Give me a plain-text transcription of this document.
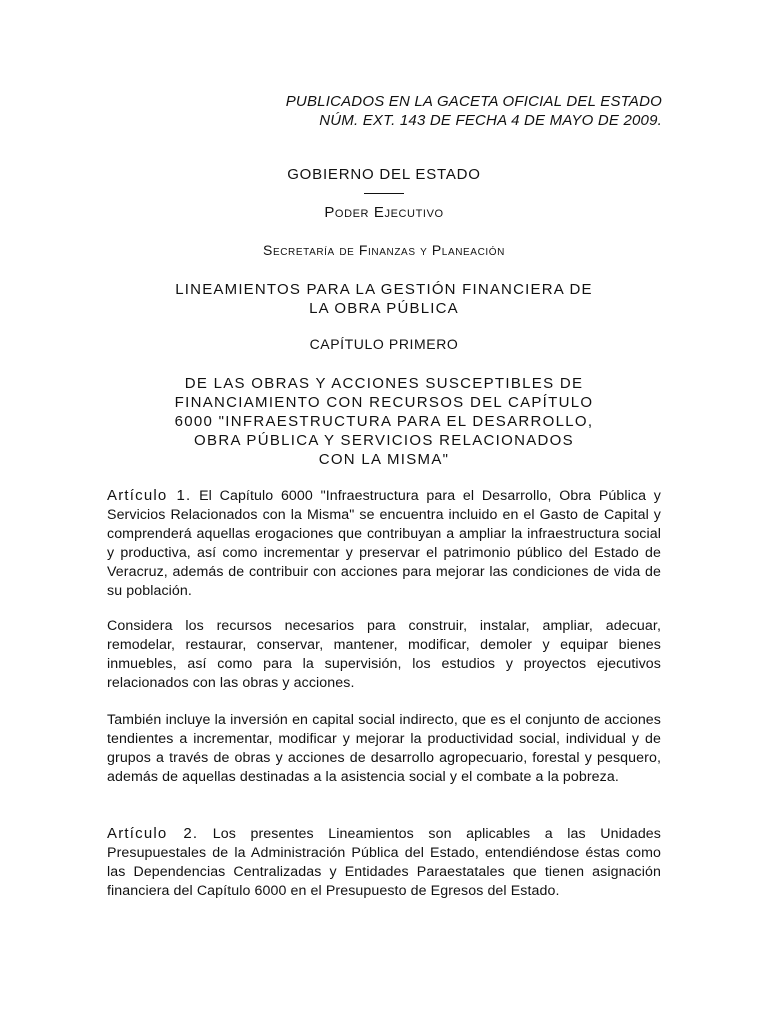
PUBLICADOS EN LA GACETA OFICIAL DEL ESTADO
NÚM. EXT. 143 DE FECHA 4 DE MAYO DE 2009.
GOBIERNO DEL ESTADO
Poder Ejecutivo
Secretaría de Finanzas y Planeación
LINEAMIENTOS PARA LA GESTIÓN FINANCIERA DE
LA OBRA PÚBLICA
CAPÍTULO PRIMERO
DE LAS OBRAS Y ACCIONES SUSCEPTIBLES DE
FINANCIAMIENTO CON RECURSOS DEL CAPÍTULO
6000 "INFRAESTRUCTURA PARA EL DESARROLLO,
OBRA PÚBLICA Y SERVICIOS RELACIONADOS
CON LA MISMA"

Artículo 1. El Capítulo 6000 "Infraestructura para el Desarrollo, Obra Pública y Servicios Relacionados con la Misma" se encuentra incluido en el Gasto de Capital y comprenderá aquellas erogaciones que contribuyan a ampliar la infraestructura social y productiva, así como incrementar y preservar el patrimonio público del Estado de Veracruz, además de contribuir con acciones para mejorar las condiciones de vida de su población.

Considera los recursos necesarios para construir, instalar, ampliar, adecuar, remodelar, restaurar, conservar, mantener, modificar, demoler y equipar bienes inmuebles, así como para la supervisión, los estudios y proyectos ejecutivos relacionados con las obras y acciones.

También incluye la inversión en capital social indirecto, que es el conjunto de acciones tendientes a incrementar, modificar y mejorar la productividad social, individual y de grupos a través de obras y acciones de desarrollo agropecuario, forestal y pesquero, además de aquellas destinadas a la asistencia social y el combate a la pobreza.

Artículo 2. Los presentes Lineamientos son aplicables a las Unidades Presupuestales de la Administración Pública del Estado, entendiéndose éstas como las Dependencias Centralizadas y Entidades Paraestatales que tienen asignación financiera del Capítulo 6000 en el Presupuesto de Egresos del Estado.
